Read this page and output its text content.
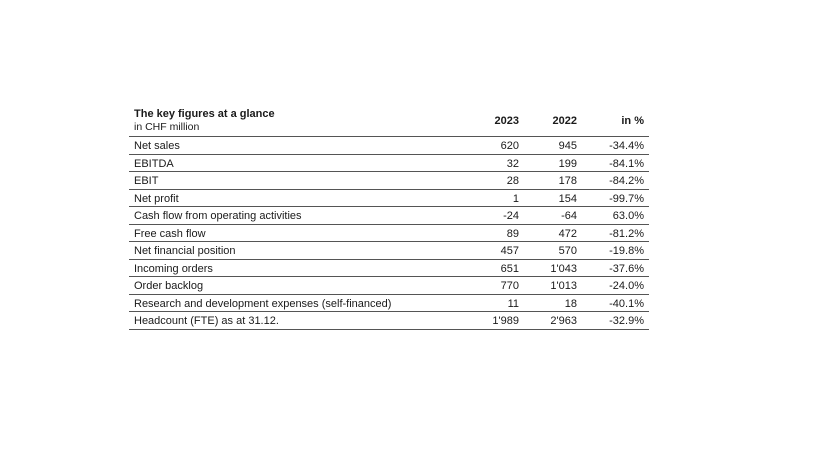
The key figures at a glance
in CHF million	2023	2022	in %
Net sales	620	945	-34.4%
EBITDA	32	199	-84.1%
EBIT	28	178	-84.2%
Net profit	1	154	-99.7%
Cash flow from operating activities	-24	-64	63.0%
Free cash flow	89	472	-81.2%
Net financial position	457	570	-19.8%
Incoming orders	651	1'043	-37.6%
Order backlog	770	1'013	-24.0%
Research and development expenses (self-financed)	11	18	-40.1%
Headcount (FTE) as at 31.12.	1'989	2'963	-32.9%
